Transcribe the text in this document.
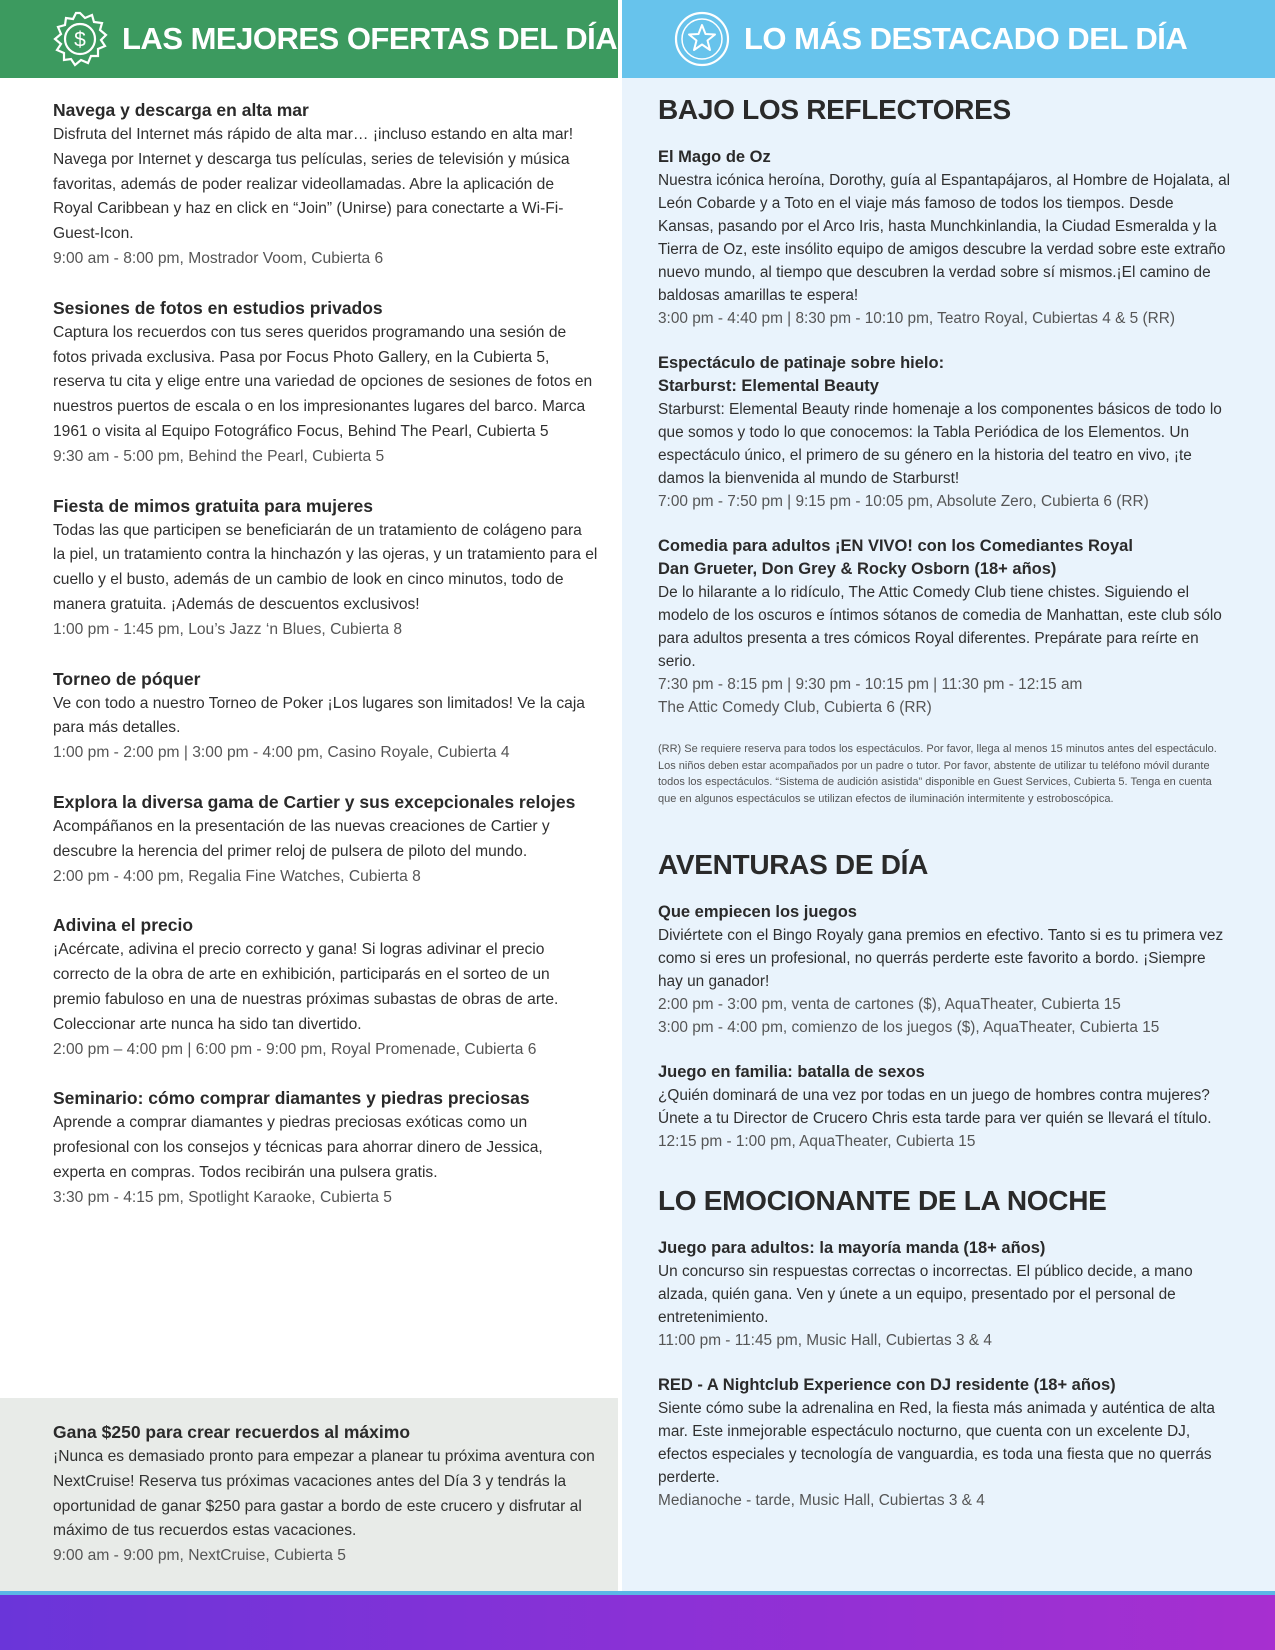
$ LAS MEJORES OFERTAS DEL DÍA	LO MÁS DESTACADO DEL DÍA
Navega y descarga en alta mar

Disfruta del Internet más rápido de alta mar… ¡incluso estando en alta mar! Navega por Internet y descarga tus películas, series de televisión y música favoritas, además de poder realizar videollamadas. Abre la aplicación de Royal Caribbean y haz en click en “Join” (Unirse) para conectarte a Wi-Fi-Guest-Icon.

9:00 am - 8:00 pm, Mostrador Voom, Cubierta 6

Sesiones de fotos en estudios privados

Captura los recuerdos con tus seres queridos programando una sesión de fotos privada exclusiva. Pasa por Focus Photo Gallery, en la Cubierta 5, reserva tu cita y elige entre una variedad de opciones de sesiones de fotos en nuestros puertos de escala o en los impresionantes lugares del barco. Marca 1961 o visita al Equipo Fotográfico Focus, Behind The Pearl, Cubierta 5

9:30 am - 5:00 pm, Behind the Pearl, Cubierta 5

Fiesta de mimos gratuita para mujeres

Todas las que participen se beneficiarán de un tratamiento de colágeno para la piel, un tratamiento contra la hinchazón y las ojeras, y un tratamiento para el cuello y el busto, además de un cambio de look en cinco minutos, todo de manera gratuita. ¡Además de descuentos exclusivos!

1:00 pm - 1:45 pm, Lou’s Jazz ‘n Blues, Cubierta 8

Torneo de póquer

Ve con todo a nuestro Torneo de Poker ¡Los lugares son limitados! Ve la caja para más detalles.

1:00 pm - 2:00 pm | 3:00 pm - 4:00 pm, Casino Royale, Cubierta 4

Explora la diversa gama de Cartier y sus excepcionales relojes

Acompáñanos en la presentación de las nuevas creaciones de Cartier y descubre la herencia del primer reloj de pulsera de piloto del mundo.

2:00 pm - 4:00 pm, Regalia Fine Watches, Cubierta 8

Adivina el precio

¡Acércate, adivina el precio correcto y gana! Si logras adivinar el precio correcto de la obra de arte en exhibición, participarás en el sorteo de un premio fabuloso en una de nuestras próximas subastas de obras de arte. Coleccionar arte nunca ha sido tan divertido.

2:00 pm – 4:00 pm | 6:00 pm - 9:00 pm, Royal Promenade, Cubierta 6

Seminario: cómo comprar diamantes y piedras preciosas

Aprende a comprar diamantes y piedras preciosas exóticas como un profesional con los consejos y técnicas para ahorrar dinero de Jessica, experta en compras. Todos recibirán una pulsera gratis.

3:30 pm - 4:15 pm, Spotlight Karaoke, Cubierta 5

Gana $250 para crear recuerdos al máximo

¡Nunca es demasiado pronto para empezar a planear tu próxima aventura con NextCruise! Reserva tus próximas vacaciones antes del Día 3 y tendrás la oportunidad de ganar $250 para gastar a bordo de este crucero y disfrutar al máximo de tus recuerdos estas vacaciones.

9:00 am - 9:00 pm, NextCruise, Cubierta 5

BAJO LOS REFLECTORES
El Mago de Oz

Nuestra icónica heroína, Dorothy, guía al Espantapájaros, al Hombre de Hojalata, al León Cobarde y a Toto en el viaje más famoso de todos los tiempos. Desde Kansas, pasando por el Arco Iris, hasta Munchkinlandia, la Ciudad Esmeralda y la Tierra de Oz, este insólito equipo de amigos descubre la verdad sobre este extraño nuevo mundo, al tiempo que descubren la verdad sobre sí mismos.¡El camino de baldosas amarillas te espera!

3:00 pm - 4:40 pm | 8:30 pm - 10:10 pm, Teatro Royal, Cubiertas 4 & 5 (RR)

Espectáculo de patinaje sobre hielo:
Starburst: Elemental Beauty

Starburst: Elemental Beauty rinde homenaje a los componentes básicos de todo lo que somos y todo lo que conocemos: la Tabla Periódica de los Elementos. Un espectáculo único, el primero de su género en la historia del teatro en vivo, ¡te damos la bienvenida al mundo de Starburst!

7:00 pm - 7:50 pm | 9:15 pm - 10:05 pm, Absolute Zero, Cubierta 6 (RR)

Comedia para adultos ¡EN VIVO! con los Comediantes Royal
Dan Grueter, Don Grey & Rocky Osborn (18+ años)

De lo hilarante a lo ridículo, The Attic Comedy Club tiene chistes. Siguiendo el modelo de los oscuros e íntimos sótanos de comedia de Manhattan, este club sólo para adultos presenta a tres cómicos Royal diferentes. Prepárate para reírte en serio.

7:30 pm - 8:15 pm | 9:30 pm - 10:15 pm | 11:30 pm - 12:15 am

The Attic Comedy Club, Cubierta 6 (RR)

(RR) Se requiere reserva para todos los espectáculos. Por favor, llega al menos 15 minutos antes del espectáculo. Los niños deben estar acompañados por un padre o tutor. Por favor, abstente de utilizar tu teléfono móvil durante todos los espectáculos. “Sistema de audición asistida” disponible en Guest Services, Cubierta 5. Tenga en cuenta que en algunos espectáculos se utilizan efectos de iluminación intermitente y estroboscópica.

AVENTURAS DE DÍA
Que empiecen los juegos

Diviértete con el Bingo Royaly gana premios en efectivo. Tanto si es tu primera vez como si eres un profesional, no querrás perderte este favorito a bordo. ¡Siempre hay un ganador!

2:00 pm - 3:00 pm, venta de cartones ($), AquaTheater, Cubierta 15

3:00 pm - 4:00 pm, comienzo de los juegos ($), AquaTheater, Cubierta 15

Juego en familia: batalla de sexos

¿Quién dominará de una vez por todas en un juego de hombres contra mujeres? Únete a tu Director de Crucero Chris esta tarde para ver quién se llevará el título.

12:15 pm - 1:00 pm, AquaTheater, Cubierta 15

LO EMOCIONANTE DE LA NOCHE
Juego para adultos: la mayoría manda (18+ años)

Un concurso sin respuestas correctas o incorrectas. El público decide, a mano alzada, quién gana. Ven y únete a un equipo, presentado por el personal de entretenimiento.

11:00 pm - 11:45 pm, Music Hall, Cubiertas 3 & 4

RED - A Nightclub Experience con DJ residente (18+ años)

Siente cómo sube la adrenalina en Red, la fiesta más animada y auténtica de alta mar. Este inmejorable espectáculo nocturno, que cuenta con un excelente DJ, efectos especiales y tecnología de vanguardia, es toda una fiesta que no querrás perderte.

Medianoche - tarde, Music Hall, Cubiertas 3 & 4
